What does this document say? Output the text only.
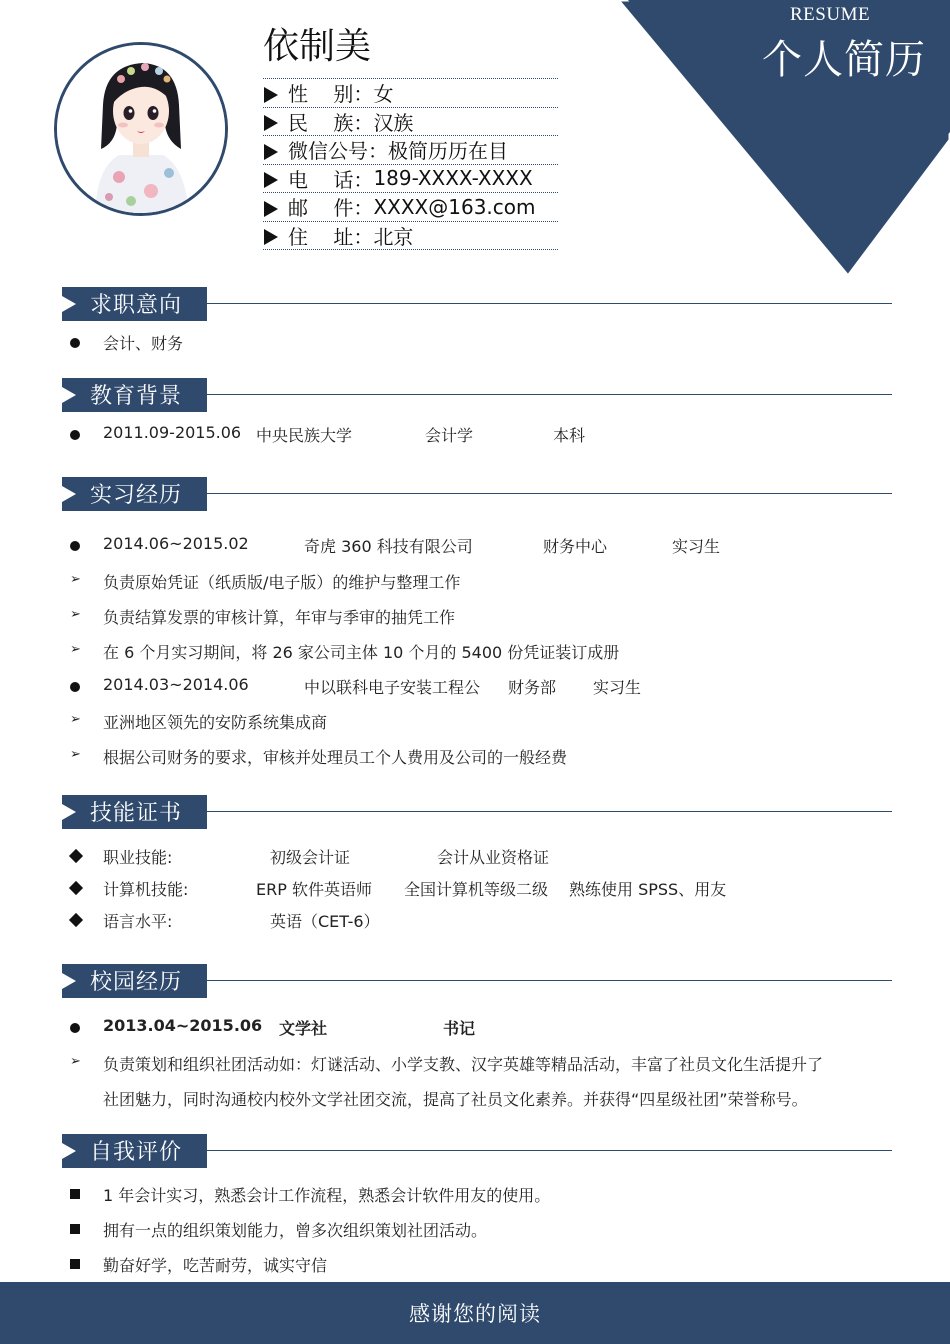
RESUME
个人简历
依制美
性    别： 女
民    族： 汉族
微信公号： 极简历历在目
电    话： 189-XXXX-XXXX
邮    件： XXXX@163.com
住    址： 北京
求职意向
会计、财务
教育背景
2011.09-2015.06 中央民族大学	会计学	本科
实习经历
2014.06~2015.02	奇虎 360 科技有限公司	财务中心	实习生
➢ 负责原始凭证（纸质版/电子版）的维护与整理工作
➢ 负责结算发票的审核计算，年审与季审的抽凭工作
➢ 在 6 个月实习期间，将 26 家公司主体 10 个月的 5400 份凭证装订成册
2014.03~2014.06	中以联科电子安装工程公 财务部 实习生
➢ 亚洲地区领先的安防系统集成商
➢ 根据公司财务的要求，审核并处理员工个人费用及公司的一般经费
技能证书
职业技能:	初级会计证	会计从业资格证
计算机技能:	ERP 软件英语师 全国计算机等级二级 熟练使用 SPSS、用友
语言水平:	英语（CET-6）
校园经历
2013.04~2015.06 文学社	书记
➢ 负责策划和组织社团活动如：灯谜活动、小学支教、汉字英雄等精品活动，丰富了社员文化生活提升了
社团魅力，同时沟通校内校外文学社团交流，提高了社员文化素养。并获得“四星级社团”荣誉称号。
自我评价
1 年会计实习，熟悉会计工作流程，熟悉会计软件用友的使用。
拥有一点的组织策划能力，曾多次组织策划社团活动。
勤奋好学，吃苦耐劳，诚实守信
感谢您的阅读
